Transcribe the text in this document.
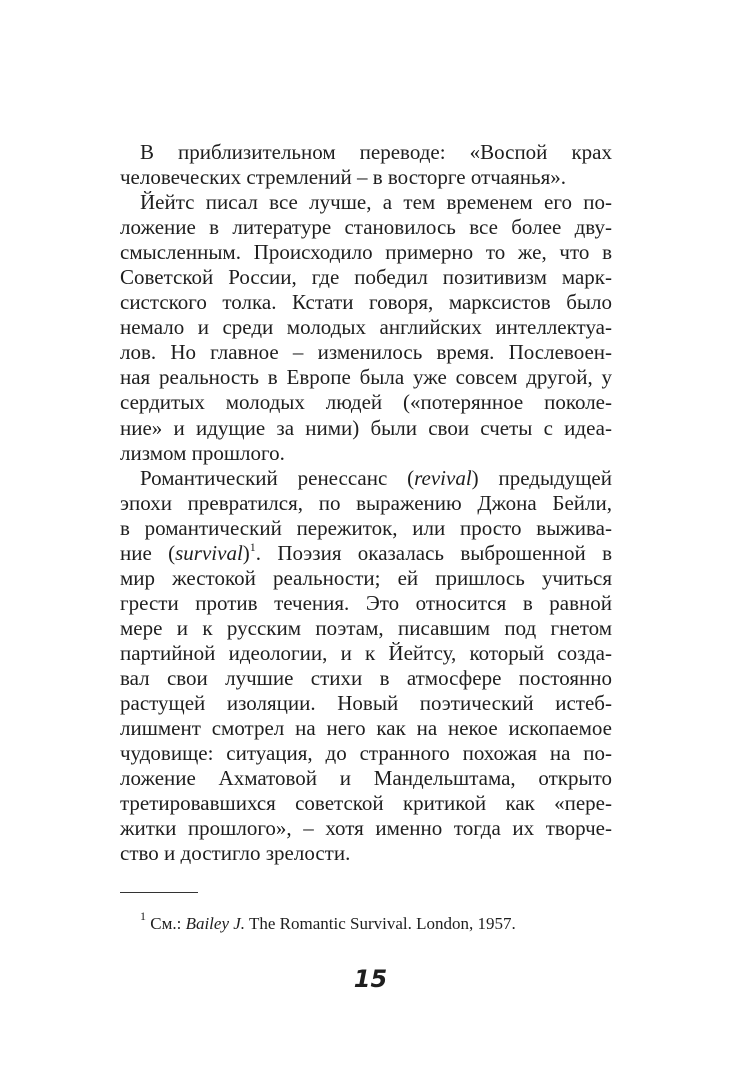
В приблизительном переводе: «Воспой крах
человеческих стремлений – в восторге отчаянья».
Йейтс писал все лучше, а тем временем его по-
ложение в литературе становилось все более дву-
смысленным. Происходило примерно то же, что в
Советской России, где победил позитивизм марк-
систского толка. Кстати говоря, марксистов было
немало и среди молодых английских интеллектуа-
лов. Но главное – изменилось время. Послевоен-
ная реальность в Европе была уже совсем другой, у
сердитых молодых людей («потерянное поколе-
ние» и идущие за ними) были свои счеты с идеа-
лизмом прошлого.
Романтический ренессанс (revival) предыдущей
эпохи превратился, по выражению Джона Бейли,
в романтический пережиток, или просто выжива-
ние (survival)$^1$. Поэзия оказалась выброшенной в
мир жестокой реальности; ей пришлось учиться
грести против течения. Это относится в равной
мере и к русским поэтам, писавшим под гнетом
партийной идеологии, и к Йейтсу, который созда-
вал свои лучшие стихи в атмосфере постоянно
растущей изоляции. Новый поэтический истеб-
лишмент смотрел на него как на некое ископаемое
чудовище: ситуация, до странного похожая на по-
ложение Ахматовой и Мандельштама, открыто
третировавшихся советской критикой как «пере-
житки прошлого», – хотя именно тогда их творче-
ство и достигло зрелости.
$^1$ См.: Bailey J. The Romantic Survival. London, 1957.
15
